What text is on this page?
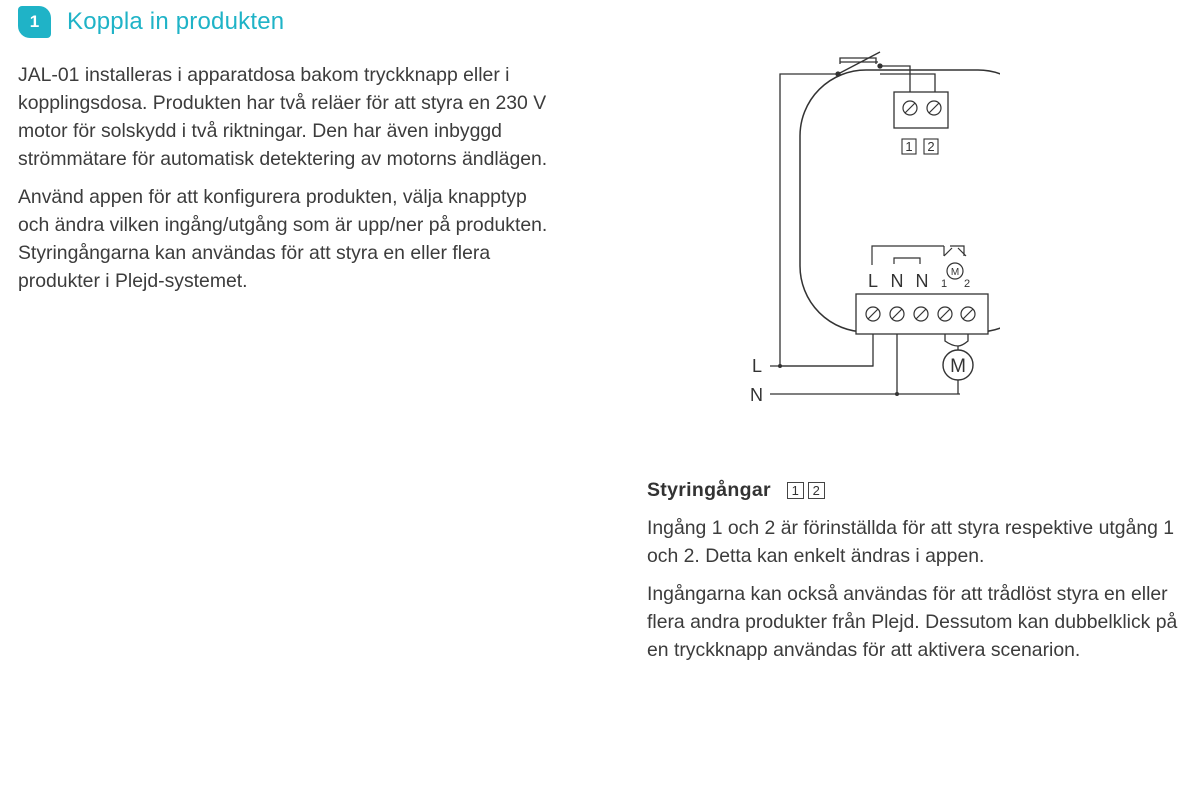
1	Koppla in produkten

JAL-01 installeras i apparatdosa bakom tryckknapp eller i kopplingsdosa. Produkten har två reläer för att styra en 230 V motor för solskydd i två riktningar. Den har även inbyggd strömmätare för automatisk detektering av motorns ändlägen.

Använd appen för att konfigurera produkten, välja knapptyp och ändra vilken ingång/utgång som är upp/ner på produkten. Styringångarna kan användas för att styra en eller flera produkter i Plejd-systemet.

1 2
L N N 1
M
2
M
L
N
Styringångar	1	2

Ingång 1 och 2 är förinställda för att styra respektive utgång 1 och 2. Detta kan enkelt ändras i appen.

Ingångarna kan också användas för att trådlöst styra en eller flera andra produkter från Plejd. Dessutom kan dubbelklick på en tryckknapp användas för att aktivera scenarion.
